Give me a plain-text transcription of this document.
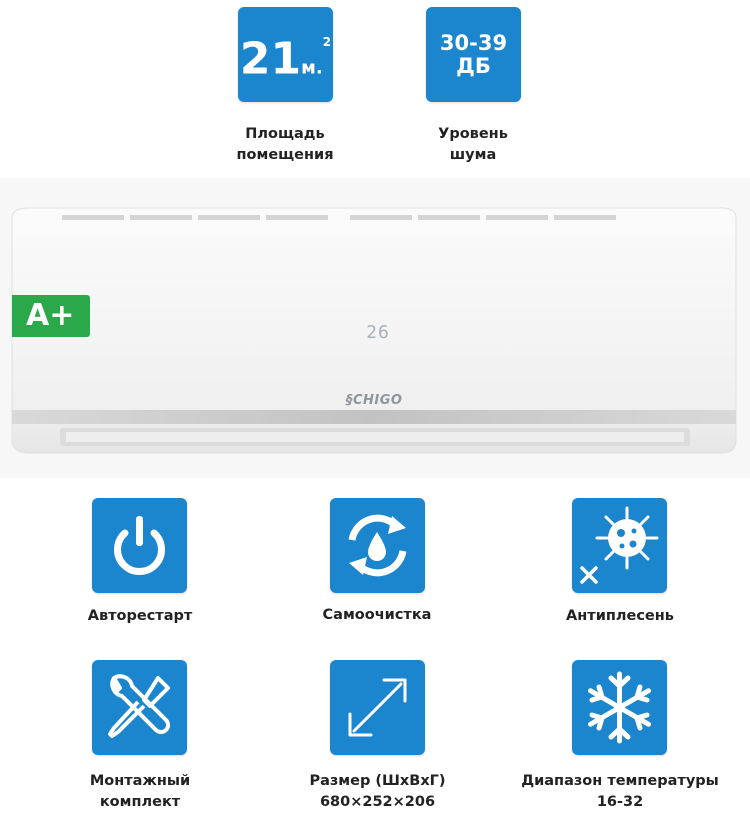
21м.$^2$
Площадь
помещения
30-39
ДБ
Уровень
шума
A+	26
§CHIGO
Авторестарт	Самоочистка	Антиплесень
Монтажный
комплект
Размер (ШхВхГ)
680×252×206
Диапазон температуры
16-32
